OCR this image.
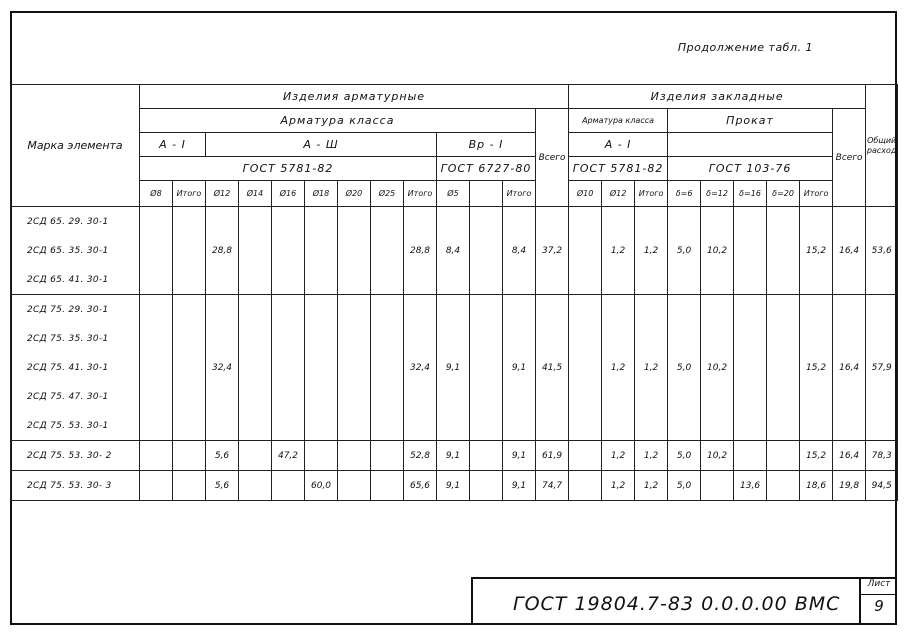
Продолжение табл. 1
Марка элемента	Изделия арматурные													Изделия закладные									Общий расход
	Арматура класса												Всего	Арматура класса			Прокат					Всего	
	А - I		А - Ш							Вр - I				А - I									
	ГОСТ 5781-82									ГОСТ 6727-80				ГОСТ 5781-82			ГОСТ 103-76						
	Ø8	Итого	Ø12	Ø14	Ø16	Ø18	Ø20	Ø25	Итого	Ø5		Итого		Ø10	Ø12	Итого	δ=6	δ=12	δ=16	δ=20	Итого		
2СД 65. 29. 30-1			28,8						28,8	8,4		8,4	37,2		1,2	1,2	5,0	10,2			15,2	16,4	53,6
2СД 65. 35. 30-1																							
2СД 65. 41. 30-1																							
2СД 75. 29. 30-1			32,4						32,4	9,1		9,1	41,5		1,2	1,2	5,0	10,2			15,2	16,4	57,9
2СД 75. 35. 30-1																							
2СД 75. 41. 30-1																							
2СД 75. 47. 30-1																							
2СД 75. 53. 30-1																							
2СД 75. 53. 30- 2			5,6		47,2				52,8	9,1		9,1	61,9		1,2	1,2	5,0	10,2			15,2	16,4	78,3
2СД 75. 53. 30- 3			5,6			60,0			65,6	9,1		9,1	74,7		1,2	1,2	5,0		13,6		18,6	19,8	94,5
ГОСТ 19804.7-83 0.0.0.00 ВМС
Лист
9
